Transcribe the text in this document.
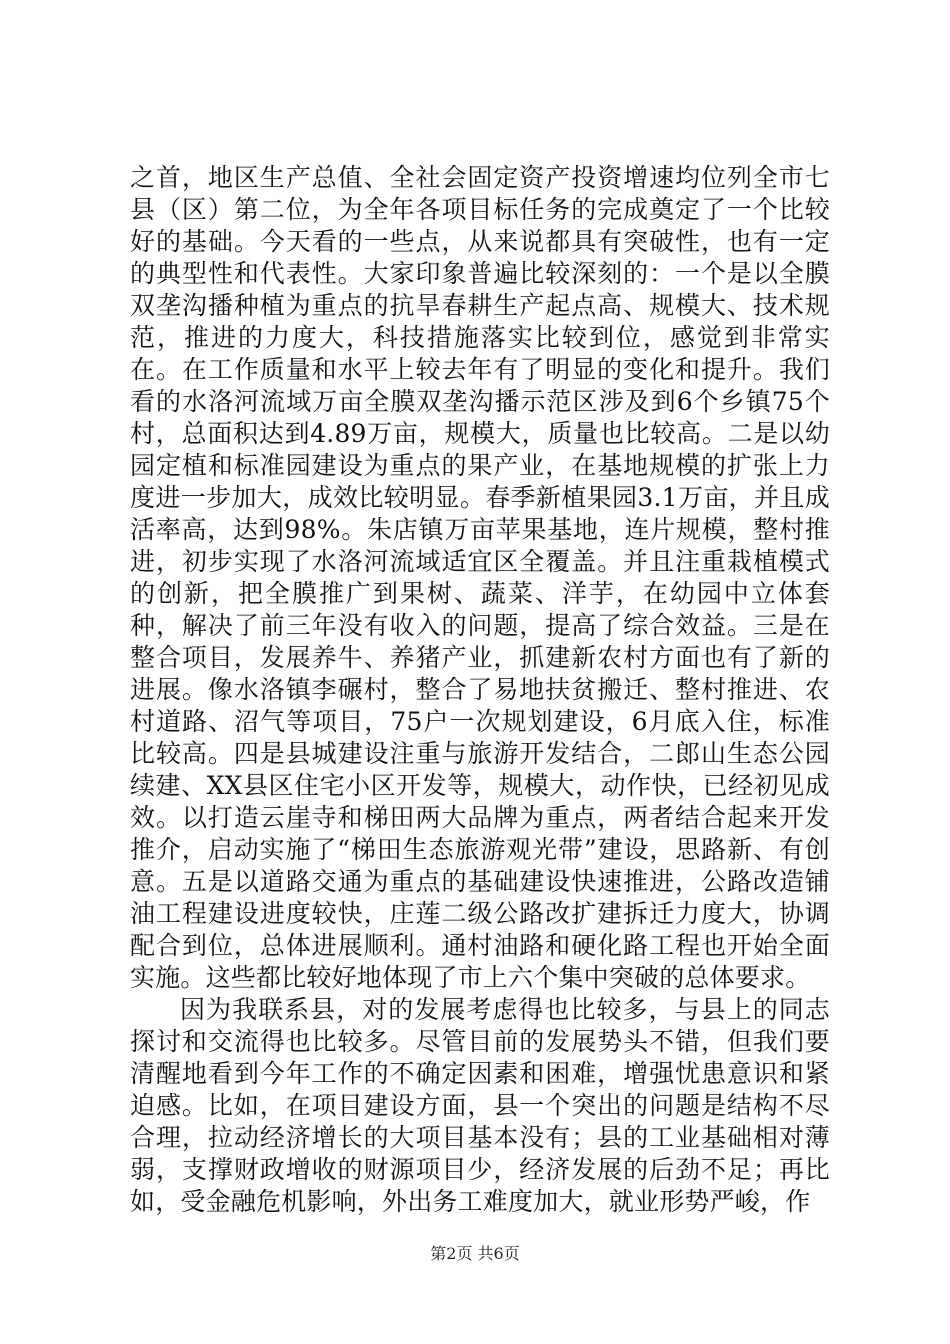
之首，地区生产总值、全社会固定资产投资增速均位列全市七县（区）第二位，为全年各项目标任务的完成奠定了一个比较好的基础。今天看的一些点，从来说都具有突破性，也有一定的典型性和代表性。大家印象普遍比较深刻的：一个是以全膜双垄沟播种植为重点的抗旱春耕生产起点高、规模大、技术规范，推进的力度大，科技措施落实比较到位，感觉到非常实在。在工作质量和水平上较去年有了明显的变化和提升。我们看的水洛河流域万亩全膜双垄沟播示范区涉及到6个乡镇75个村，总面积达到4.89万亩，规模大，质量也比较高。二是以幼园定植和标准园建设为重点的果产业，在基地规模的扩张上力度进一步加大，成效比较明显。春季新植果园3.1万亩，并且成活率高，达到98%。朱店镇万亩苹果基地，连片规模，整村推进，初步实现了水洛河流域适宜区全覆盖。并且注重栽植模式的创新，把全膜推广到果树、蔬菜、洋芋，在幼园中立体套种，解决了前三年没有收入的问题，提高了综合效益。三是在整合项目，发展养牛、养猪产业，抓建新农村方面也有了新的进展。像水洛镇李碾村，整合了易地扶贫搬迁、整村推进、农村道路、沼气等项目，75户一次规划建设，6月底入住，标准比较高。四是县城建设注重与旅游开发结合，二郎山生态公园续建、XX县区住宅小区开发等，规模大，动作快，已经初见成效。以打造云崖寺和梯田两大品牌为重点，两者结合起来开发推介，启动实施了“梯田生态旅游观光带”建设，思路新、有创意。五是以道路交通为重点的基础建设快速推进，公路改造铺油工程建设进度较快，庄莲二级公路改扩建拆迁力度大，协调配合到位，总体进展顺利。通村油路和硬化路工程也开始全面实施。这些都比较好地体现了市上六个集中突破的总体要求。

因为我联系县，对的发展考虑得也比较多，与县上的同志探讨和交流得也比较多。尽管目前的发展势头不错，但我们要清醒地看到今年工作的不确定因素和困难，增强忧患意识和紧迫感。比如，在项目建设方面，县一个突出的问题是结构不尽合理，拉动经济增长的大项目基本没有；县的工业基础相对薄弱，支撑财政增收的财源项目少，经济发展的后劲不足；再比如，受金融危机影响，外出务工难度加大，就业形势严峻，作

第2页 共6页
